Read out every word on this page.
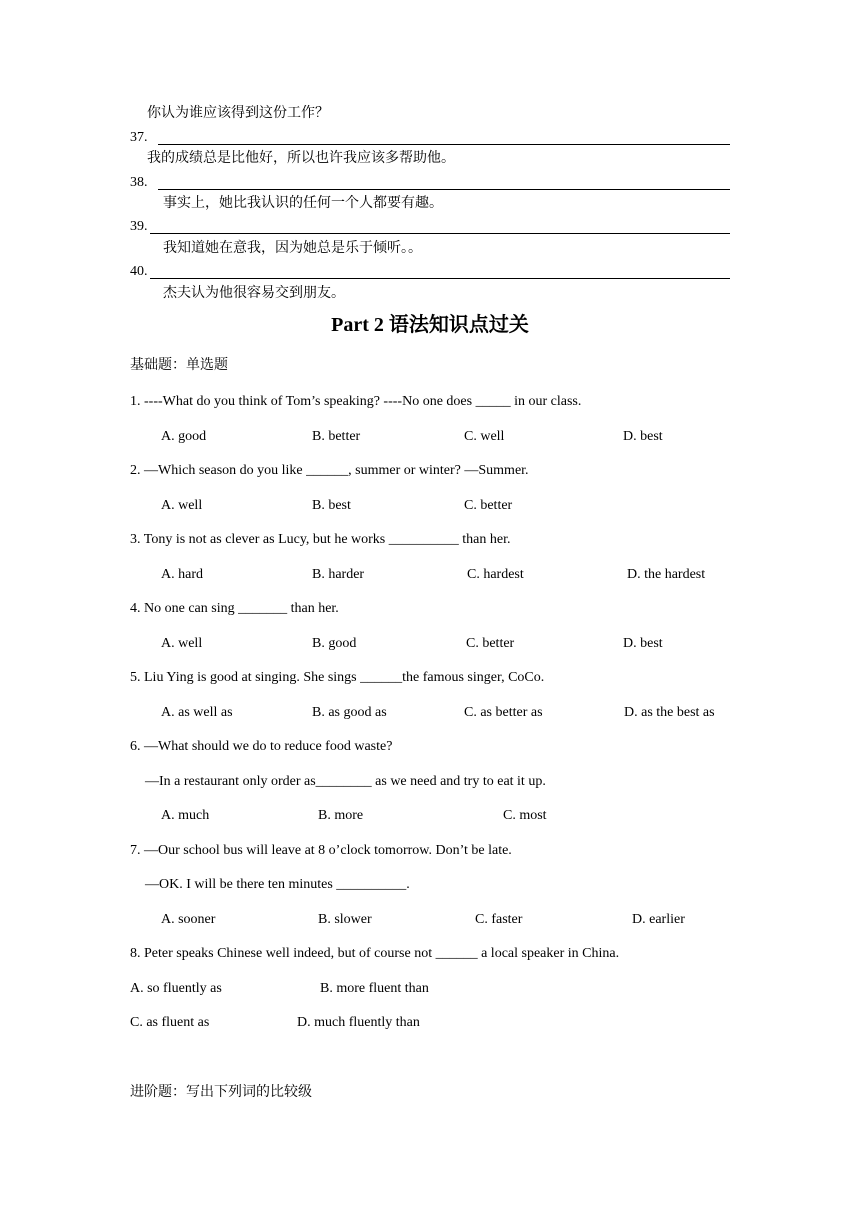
你认为谁应该得到这份工作？
37.
我的成绩总是比他好，所以也许我应该多帮助他。
38.
事实上，她比我认识的任何一个人都要有趣。
39.
我知道她在意我，因为她总是乐于倾听。。
40.
杰夫认为他很容易交到朋友。
Part 2 语法知识点过关
基础题：单选题
1. ----What do you think of Tom’s speaking? ----No one does _____ in our class.
A. good	B. better	C. well	D. best
2. —Which season do you like ______, summer or winter? —Summer.
A. well	B. best	C. better
3. Tony is not as clever as Lucy, but he works __________ than her.
A. hard	B. harder	C. hardest	D. the hardest
4. No one can sing _______ than her.
A. well	B. good	C. better	D. best
5. Liu Ying is good at singing. She sings ______the famous singer, CoCo.
A. as well as	B. as good as	C. as better as	D. as the best as
6. —What should we do to reduce food waste?
—In a restaurant only order as________ as we need and try to eat it up.
A. much	B. more	C. most
7. —Our school bus will leave at 8 o’clock tomorrow. Don’t be late.
—OK. I will be there ten minutes __________.
A. sooner	B. slower	C. faster	D. earlier
8. Peter speaks Chinese well indeed, but of course not ______ a local speaker in China.
A. so fluently as	B. more fluent than
C. as fluent as	D. much fluently than
进阶题：写出下列词的比较级
